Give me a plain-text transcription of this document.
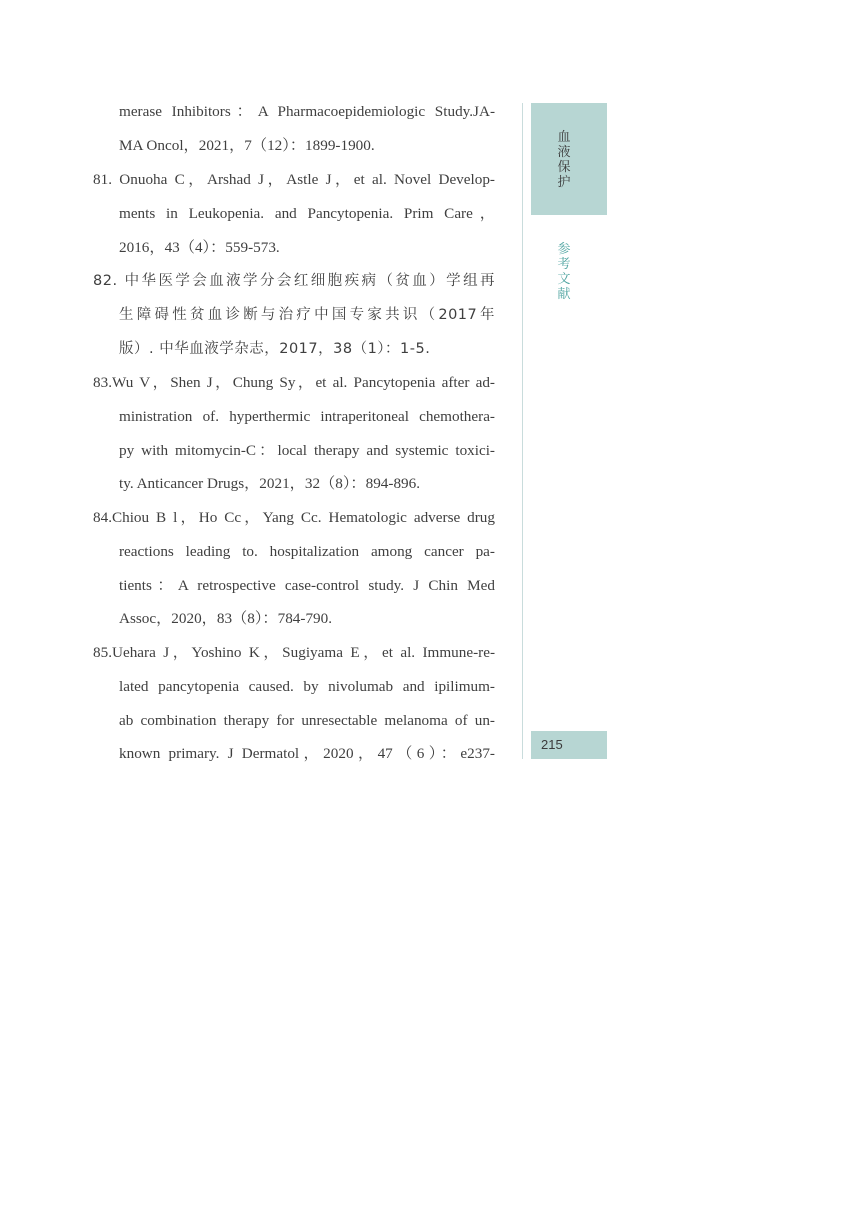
merase Inhibitors：A Pharmacoepidemiologic Study.JA-
MA Oncol，2021，7（12）：1899-1900.
81. Onuoha C，Arshad J，Astle J，et al. Novel Develop-
ments in Leukopenia. and Pancytopenia. Prim Care，
2016，43（4）：559-573.
82. 中华医学会血液学分会红细胞疾病（贫血）学组再
生障碍性贫血诊断与治疗中国专家共识（2017年
版）. 中华血液学杂志，2017，38（1）：1-5.
83.Wu V，Shen J，Chung Sy，et al. Pancytopenia after ad-
ministration of. hyperthermic intraperitoneal chemothera-
py with mitomycin-C：local therapy and systemic toxici-
ty. Anticancer Drugs，2021，32（8）：894-896.
84.Chiou B l，Ho Cc，Yang Cc. Hematologic adverse drug
reactions leading to. hospitalization among cancer pa-
tients：A retrospective case-control study. J Chin Med
Assoc，2020，83（8）：784-790.
85.Uehara J，Yoshino K，Sugiyama E，et al. Immune-re-
lated pancytopenia caused. by nivolumab and ipilimum-
ab combination therapy for unresectable melanoma of un-
known primary. J Dermatol，2020，47（6）：e237-
血液保护
参考文献
215
